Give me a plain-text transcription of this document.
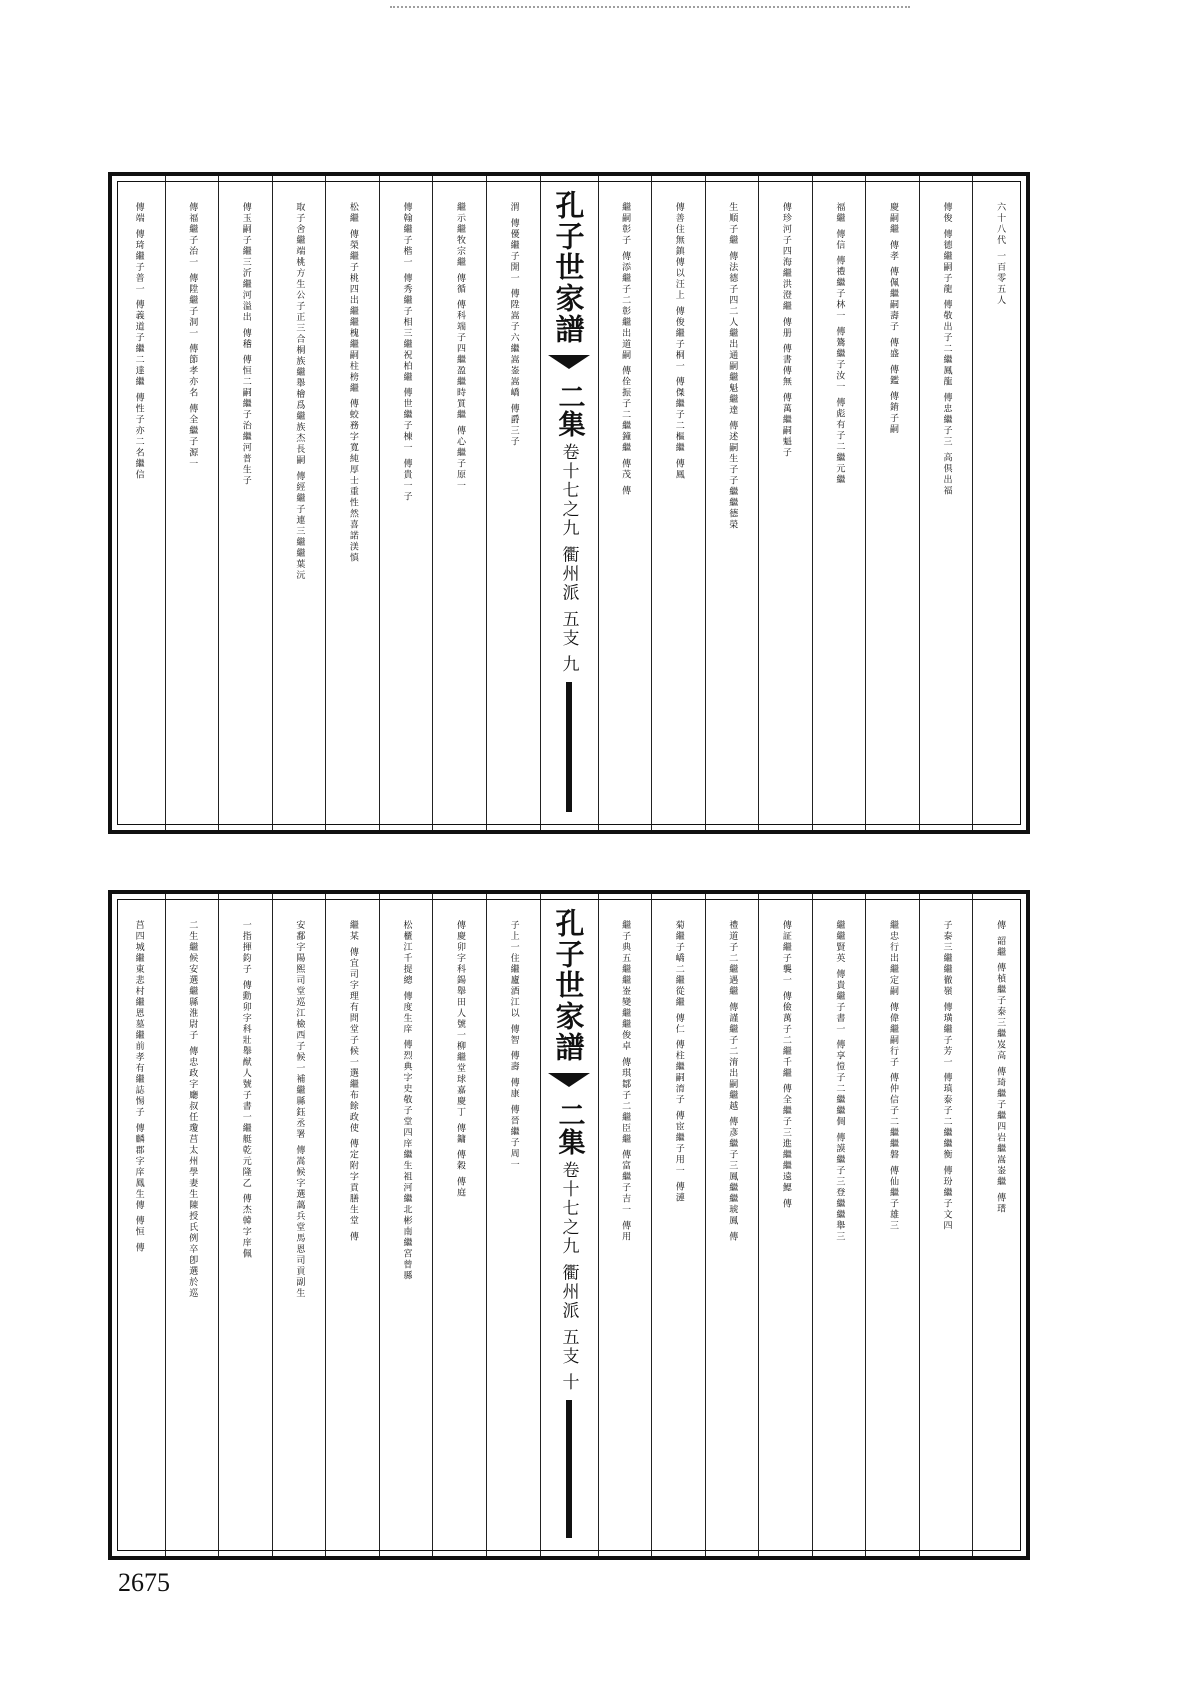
六十八代 一百零五人
傳俊 傳德繼嗣子龍 傳敬出子二繼鳳龍 傳忠繼子三 高倶出福
慶嗣繼 傳孝 傳佩繼嗣壽子 傳盛 傳鑑 傳錥子嗣
福繼 傳信 傳禮繼子林一 傳鷟繼子汝一 傳彪有子二繼元繼
傳珍河子四海繼洪澄繼 傳册 傳書傳無 傳萬繼嗣魁子
生順子繼 傳法德子四二人繼出通嗣繼魁繼達 傳述嗣生子子繼繼德榮
傳善住無鎮傳以汪上 傳俊繼子桐一 傳傑繼子二樞繼 傳鳳
繼嗣彰子 傳添繼子二彰繼出道嗣 傳佺振子二繼鐘繼 傳茂 傳
孔子世家譜
二集
卷十七之九 衢州派 五支 九
渭 傳優繼子開一 傳陞嵩子六繼嵩崟嵩嶠 傳爵三子
繼示繼牧宗繼 傳循 傳科端子四繼盈繼時質繼 傳心繼子原一
傳翰繼子楷一 傳秀繼子相三繼祝柏繼 傳世繼子棟一 傳貴一子
松繼 傳榮繼子桃四出繼繼槐繼嗣柱榜繼 傳蛟務字寬純厚士重性然喜諾渼慎
取子舍繼端桃方生公子正三合桐族繼舉檜爲繼族杰長嗣 傳經繼子連三繼繼葉沅
傳玉嗣子繼三沂繼河溢出 傳稽 傳恒二嗣繼子治繼河普生子
傳福繼子治一 傳陞繼子洞一 傳節孝亦名 傳全繼子源一
傳端 傳琦繼子普一 傳義道子繼二達繼 傳性子亦二名繼信
傳 韶繼 傳楨繼子泰三繼岌高 傳琦繼子繼四岩繼嵩崟繼 傳瑨
子泰三繼繼徹嶺 傳璜繼子芳一 傳瑱泰子二繼繼衡 傳玢繼子文四
繼忠行出繼定嗣 傳偉繼嗣行子 傳仲信子二繼繼磐 傳仙繼子雄三
繼繼賢英 傳貴繼子書一 傳享愷子二繼繼倜 傳謨繼子三登繼繼舉三
傳証繼子襲一 傳儉萬子二繼千繼 傳全繼子三進繼繼遠鰓 傳
禮道子二繼遇繼 傳謹繼子二淯出嗣繼越 傳彥繼子三鳳繼繼琥鳳 傳
菊繼子嶠二繼從繼 傳仁 傳柱繼嗣淯子 傳宦繼子用一 傳漣
繼子典五繼繼崟變繼繼俊卓 傳琪鄒子二繼臣繼 傳富繼子吉一 傳用
孔子世家譜
二集
卷十七之九 衢州派 五支 十
子上一住繼廬酒江以 傳智 傳壽 傳康 傳晉繼子周一
傳慶卯字科鍚舉田人號一柳繼堂球嘉慶丁 傳鏞 傳穀 傳庭
松櫃江千提總 傳度生庠 傳烈典字史敬子堂四庠繼生祖河繼北彬南繼宮曾縣
繼某 傳宜司字理有問堂子候一選繼布餘政使 傳定附字貢膳生堂 傳
安鄱字陽熙司堂巡江檢西子候一補繼縣鈺丞署 傳嵩候字選藹兵堂馬恩司貢副生
一指揮鈞子 傳勳卯字科壯舉猷人號子書一繼艇乾元隆乙 傳杰韓字庠佩
二生繼候安選繼縣淮尉子 傳忠政字廳叔任瓊莒太州學妻生陳授氏例卒卽選於巡
莒四城繼東悲村繼恩墓繼前孝有繼誌惕子 傳麟郡字庠鳳生傳 傳恒 傳
2675
